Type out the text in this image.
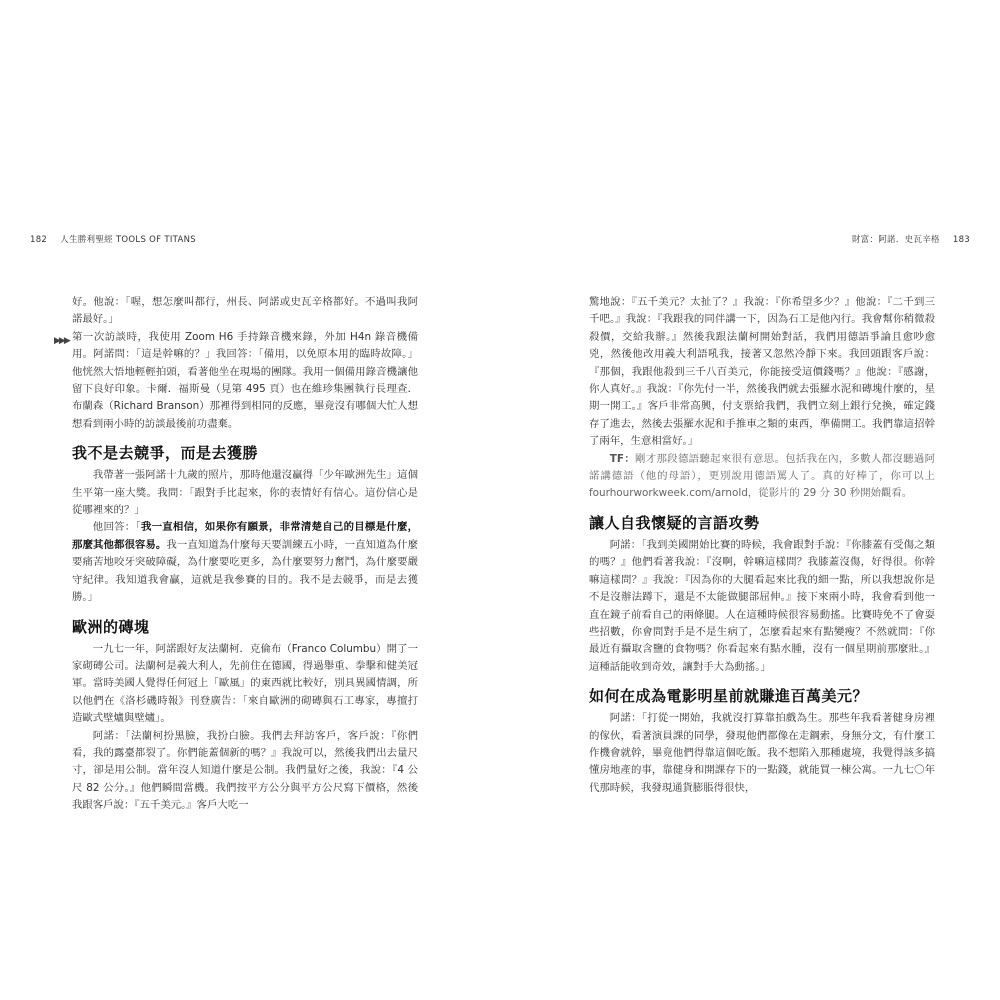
182 人生勝利聖經 TOOLS OF TITANS	財富：阿諾．史瓦辛格 183

好。他說：「喔，想怎麼叫都行，州長、阿諾或史瓦辛格都好。不過叫我阿諾最好。」

▶▶▶ 第一次訪談時，我使用 Zoom H6 手持錄音機來錄，外加 H4n 錄音機備用。阿諾問：「這是幹嘛的？」我回答：「備用，以免原本用的臨時故障。」他恍然大悟地輕輕拍頭，看著他坐在現場的團隊。我用一個備用錄音機讓他留下良好印象。卡爾．福斯曼（見第 495 頁）也在維珍集團執行長理查．布蘭森（Richard Branson）那裡得到相同的反應，畢竟沒有哪個大忙人想想看到兩小時的訪談最後前功盡棄。

我不是去競爭，而是去獲勝

我帶著一張阿諾十九歲的照片，那時他還沒贏得「少年歐洲先生」這個生平第一座大獎。我問：「跟對手比起來，你的表情好有信心。這份信心是從哪裡來的？」

他回答：「我一直相信，如果你有願景，非常清楚自己的目標是什麼，那麼其他都很容易。我一直知道為什麼每天要訓練五小時，一直知道為什麼要痛苦地咬牙突破障礙，為什麼要吃更多，為什麼要努力奮鬥，為什麼要嚴守紀律。我知道我會贏，這就是我參賽的目的。我不是去競爭，而是去獲勝。」

歐洲的磚塊

一九七一年，阿諾跟好友法蘭柯．克倫布（Franco Columbu）開了一家砌磚公司。法蘭柯是義大利人，先前住在德國，得過舉重、拳擊和健美冠軍。當時美國人覺得任何冠上「歐風」的東西就比較好，別具異國情調，所以他們在《洛杉磯時報》刊登廣告：「來自歐洲的砌磚與石工專家，專擅打造歐式壁爐與壁爐」。

阿諾：「法蘭柯扮黑臉，我扮白臉。我們去拜訪客戶，客戶說：『你們看，我的露臺都裂了。你們能蓋個新的嗎？』我說可以，然後我們出去量尺寸，卻是用公制。當年沒人知道什麼是公制。我們量好之後，我說：『4 公尺 82 公分。』他們瞬間當機。我們按平方公分與平方公尺寫下價格，然後我跟客戶說：『五千美元。』客戶大吃一

驚地說：『五千美元？太扯了？』我說：『你希望多少？』他說：『二千到三千吧。』我說：『我跟我的同伴講一下，因為石工是他內行。我會幫你稍微殺殺價，交給我辦。』然後我跟法蘭柯開始對話，我們用德語爭論且愈吵愈兇，然後他改用義大利語吼我，接著又忽然冷靜下來。我回頭跟客戶說：『那個，我跟他殺到三千八百美元，你能接受這價錢嗎？』他說：『感謝，你人真好。』我說：『你先付一半，然後我們就去張羅水泥和磚塊什麼的，星期一開工。』客戶非常高興，付支票給我們，我們立刻上銀行兌換，確定錢存了進去，然後去張羅水泥和手推車之類的東西，準備開工。我們靠這招幹了兩年，生意相當好。」

TF：剛才那段德語聽起來很有意思。包括我在內，多數人都沒聽過阿諾講德語（他的母語），更別說用德語罵人了。真的好棒了，你可以上 fourhourworkweek.com/arnold，從影片的 29 分 30 秒開始觀看。

讓人自我懷疑的言語攻勢

阿諾：「我到美國開始比賽的時候，我會跟對手說：『你膝蓋有受傷之類的嗎？』他們看著我說：『沒啊，幹嘛這樣問？我膝蓋沒傷，好得很。你幹嘛這樣問？』我說：『因為你的大腿看起來比我的細一點，所以我想說你是不是沒辦法蹲下，還是不太能做腿部屈伸。』接下來兩小時，我會看到他一直在鏡子前看自己的兩條腿。人在這種時候很容易動搖。比賽時免不了會耍些招數，你會問對手是不是生病了，怎麼看起來有點變瘦？不然就問：『你最近有攝取含鹽的食物嗎？你看起來有點水腫，沒有一個星期前那麼壯。』這種話能收到奇效，讓對手大為動搖。」

如何在成為電影明星前就賺進百萬美元？

阿諾：「打從一開始，我就沒打算靠拍戲為生。那些年我看著健身房裡的傢伙，看著演員課的同學，發現他們都像在走鋼索，身無分文，有什麼工作機會就幹，畢竟他們得靠這個吃飯。我不想陷入那種處境，我覺得該多搞懂房地產的事，靠健身和開課存下的一點錢，就能買一棟公寓。一九七〇年代那時候，我發現通貨膨脹得很快，
